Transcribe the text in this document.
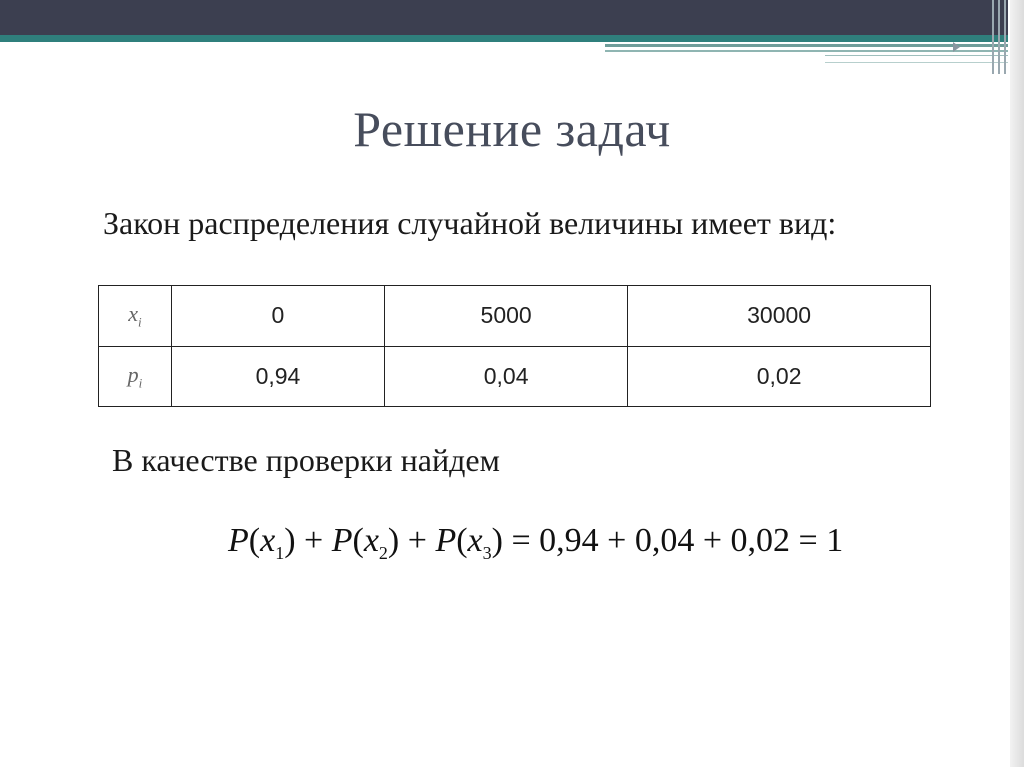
Решение задач
Закон распределения случайной величины имеет вид:
$x_i$	0	5000	30000
$p_i$	0,94	0,04	0,02
В качестве проверки найдем
$P(x_1) + P(x_2) + P(x_3) = 0,94 + 0,04 + 0,02 = 1$
